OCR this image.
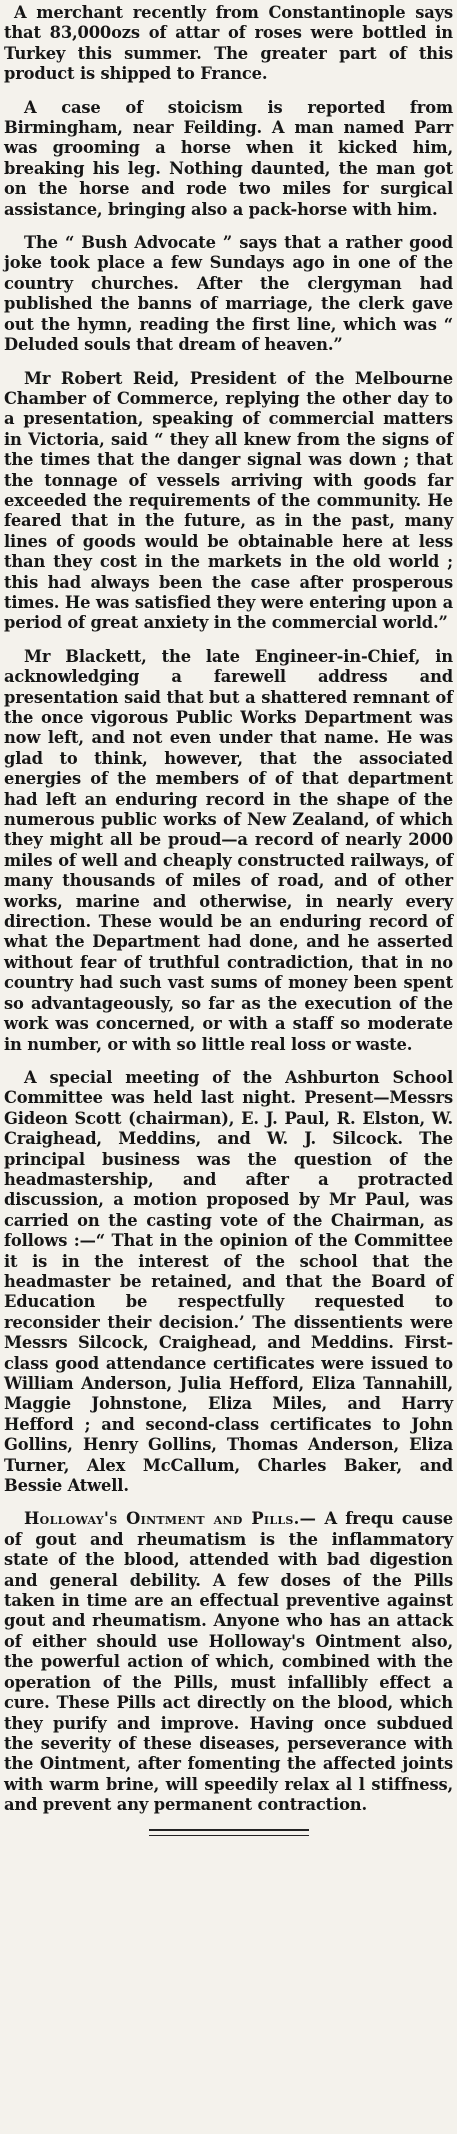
A merchant recently from Constantinople says that 83,000ozs of attar of roses were bottled in Turkey this summer. The greater part of this product is shipped to France.

A case of stoicism is reported from Birmingham, near Feilding. A man named Parr was grooming a horse when it kicked him, breaking his leg. Nothing daunted, the man got on the horse and rode two miles for surgical assistance, bringing also a pack-horse with him.

The “ Bush Advocate ” says that a rather good joke took place a few Sundays ago in one of the country churches. After the clergyman had published the banns of marriage, the clerk gave out the hymn, reading the first line, which was “ Deluded souls that dream of heaven.”

Mr Robert Reid, President of the Melbourne Chamber of Commerce, replying the other day to a presentation, speaking of commercial matters in Victoria, said “ they all knew from the signs of the times that the danger signal was down ; that the tonnage of vessels arriving with goods far exceeded the requirements of the community. He feared that in the future, as in the past, many lines of goods would be obtainable here at less than they cost in the markets in the old world ; this had always been the case after prosperous times. He was satisfied they were entering upon a period of great anxiety in the commercial world.”

Mr Blackett, the late Engineer-in-Chief, in acknowledging a farewell address and presentation said that but a shattered remnant of the once vigorous Public Works Department was now left, and not even under that name. He was glad to think, however, that the associated energies of the members of of that department had left an enduring record in the shape of the numerous public works of New Zealand, of which they might all be proud—a record of nearly 2000 miles of well and cheaply constructed railways, of many thousands of miles of road, and of other works, marine and otherwise, in nearly every direction. These would be an enduring record of what the Department had done, and he asserted without fear of truthful contradiction, that in no country had such vast sums of money been spent so advantageously, so far as the execution of the work was concerned, or with a staff so moderate in number, or with so little real loss or waste.

A special meeting of the Ashburton School Committee was held last night. Present—Messrs Gideon Scott (chairman), E. J. Paul, R. Elston, W. Craighead, Meddins, and W. J. Silcock. The principal business was the question of the headmastership, and after a protracted discussion, a motion proposed by Mr Paul, was carried on the casting vote of the Chairman, as follows :—“ That in the opinion of the Committee it is in the interest of the school that the headmaster be retained, and that the Board of Education be respectfully requested to reconsider their decision.’ The dissentients were Messrs Silcock, Craighead, and Meddins. First-class good attendance certificates were issued to William Anderson, Julia Hefford, Eliza Tannahill, Maggie Johnstone, Eliza Miles, and Harry Hefford ; and second-class certificates to John Gollins, Henry Gollins, Thomas Anderson, Eliza Turner, Alex McCallum, Charles Baker, and Bessie Atwell.

Holloway's Ointment and Pills.— A frequ cause of gout and rheumatism is the inflammatory state of the blood, attended with bad digestion and general debility. A few doses of the Pills taken in time are an effectual preventive against gout and rheumatism. Anyone who has an attack of either should use Holloway's Ointment also, the powerful action of which, combined with the operation of the Pills, must infallibly effect a cure. These Pills act directly on the blood, which they purify and improve. Having once subdued the severity of these diseases, perseverance with the Ointment, after fomenting the affected joints with warm brine, will speedily relax al l stiffness, and prevent any permanent contraction.
